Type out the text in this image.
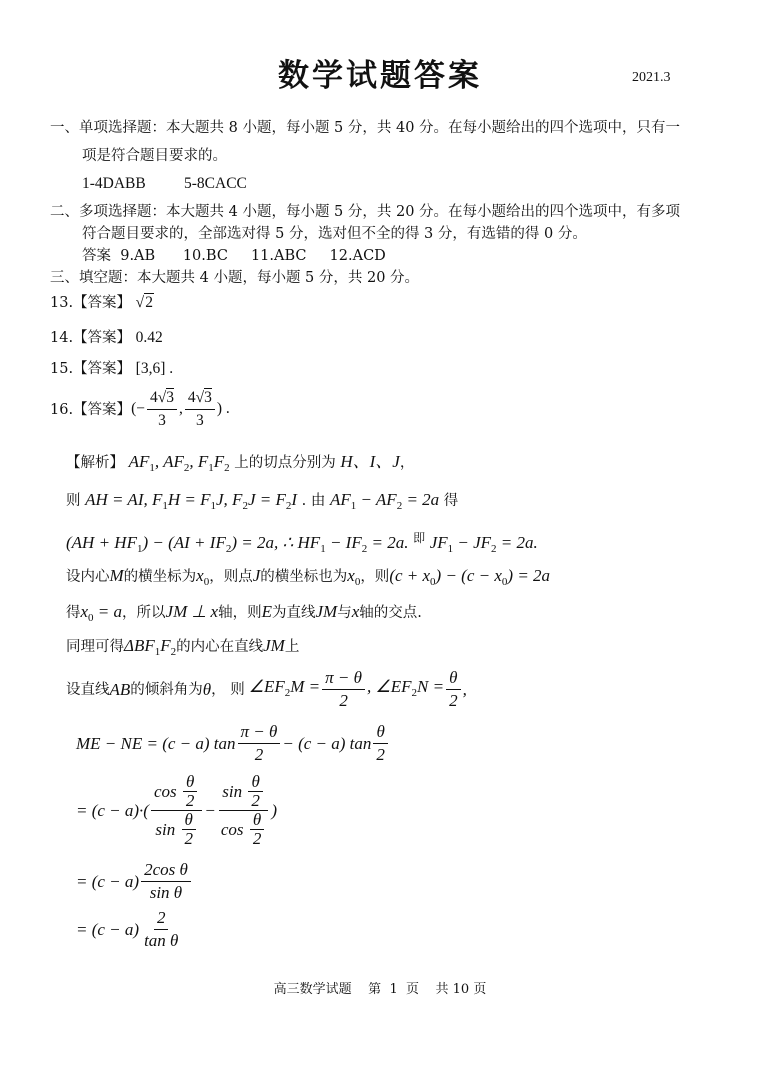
数学试题答案	2021.3
一、单项选择题：本大题共 8 小题，每小题 5 分，共 40 分。在每小题给出的四个选项中，只有一
项是符合题目要求的。
1-4DABB 5-8CACC
二、多项选择题：本大题共 4 小题，每小题 5 分，共 20 分。在每小题给出的四个选项中，有多项
符合题目要求的，全部选对得 5 分，选对但不全的得 3 分，有选错的得 0 分。
答案  9.AB      10.BC     11.ABC     12.ACD
三、填空题：本大题共 4 小题，每小题 5 分，共 20 分。
13.【答案】 √2
14.【答案】 0.42
15.【答案】 [3,6] .
16.【答案】 (− $\frac{4√3}{3}$ , $\frac{4√3}{3}$ ) .
【解析】 $AF_1$, $AF_2$, $F_1F_2$ 上的切点分别为 H、I、J，
则 AH = AI, $F_1H = F_1J$, $F_2J = F_2I$ . 由 $AF_1 - AF_2 = 2a$ 得
$(AH + HF_1) - (AI + IF_2) = 2a$, ∴ $HF_1 - IF_2 = 2a$. $^即$ $JF_1 - JF_2 = 2a$.
设内心M的横坐标为$x_0$，则点J的横坐标也为$x_0$，则$(c + x_0) - (c - x_0) = 2a$
得$x_0 = a$，所以JM ⊥ x轴，则E为直线JM与x轴的交点.
同理可得$\Delta BF_1F_2$的内心在直线JM上
设直线 AB 的倾斜角为 θ ， 则 $\angle EF_2M = \frac{\pi - \theta}{2}$ , $\angle EF_2N = \frac{\theta}{2}$ ,
ME − NE = (c − a) $\tan \frac{\pi - \theta}{2} - (c - a)$ $\tan \frac{\theta}{2}$
= $(c - a)\cdot( \frac{\cos \frac{\theta}{2}}{\sin \frac{\theta}{2}} - \frac{\sin \frac{\theta}{2}}{\cos \frac{\theta}{2}}$ )
= $(c - a) \frac{\text{2cos θ}}{\text{sin θ}}$
= $(c - a) \frac{2}{\text{tan θ}}$
高三数学试题    第  1  页    共 10 页
